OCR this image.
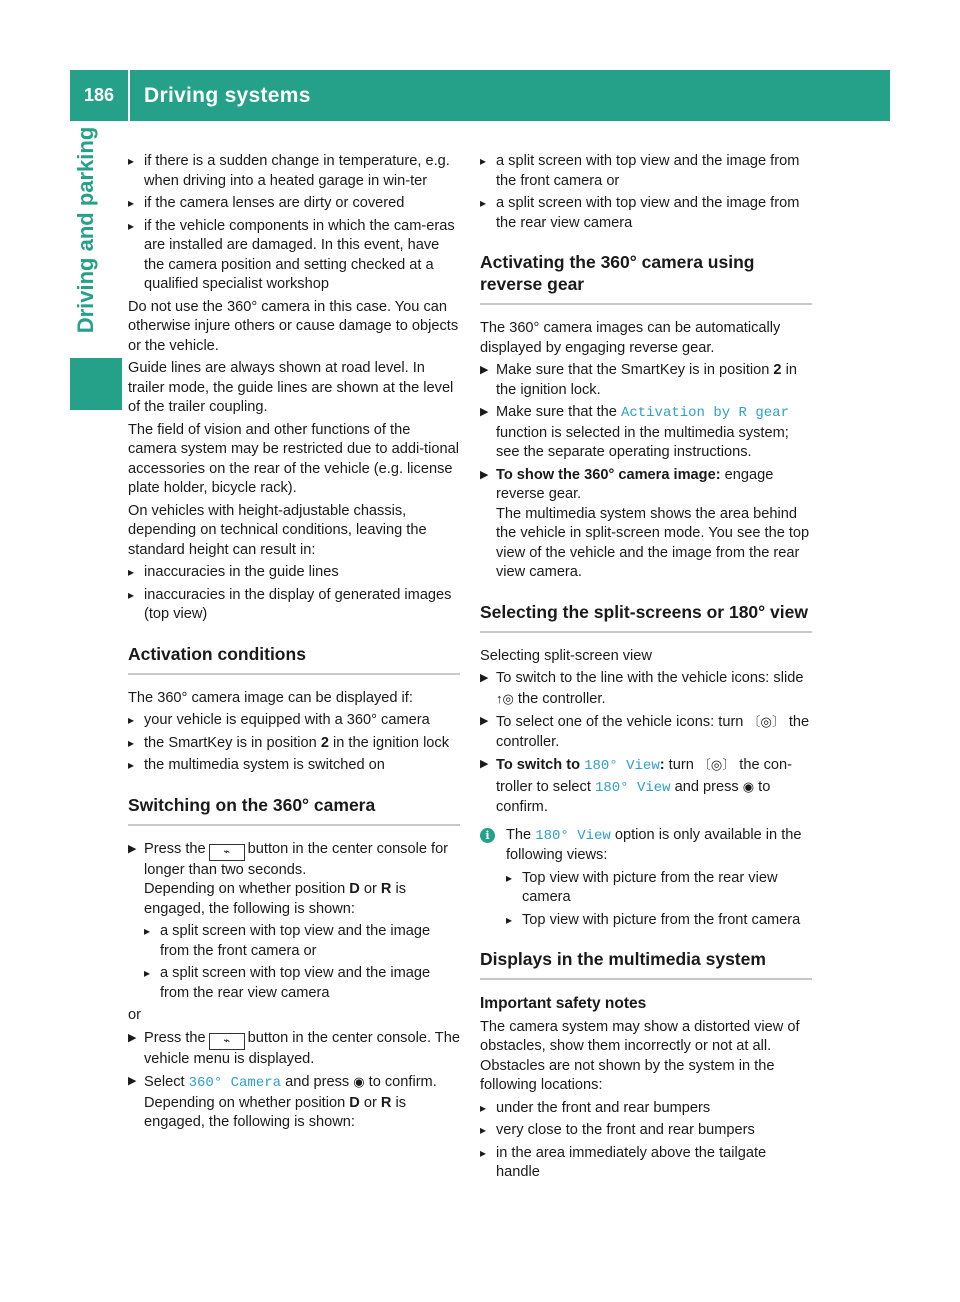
186	Driving systems
Driving and parking
▸	if there is a sudden change in temperature, e.g. when driving into a heated garage in win-ter
▸ if the camera lenses are dirty or covered
▸ if the vehicle components in which the cam-eras are installed are damaged. In this event, have the camera position and setting checked at a qualified specialist workshop

Do not use the 360° camera in this case. You can otherwise injure others or cause damage to objects or the vehicle.

Guide lines are always shown at road level. In trailer mode, the guide lines are shown at the level of the trailer coupling.

The field of vision and other functions of the camera system may be restricted due to addi-tional accessories on the rear of the vehicle (e.g. license plate holder, bicycle rack).

On vehicles with height-adjustable chassis, depending on technical conditions, leaving the standard height can result in:

▸ inaccuracies in the guide lines
▸ inaccuracies in the display of generated images (top view)
Activation conditions

The 360° camera image can be displayed if:

▸ your vehicle is equipped with a 360° camera
▸ the SmartKey is in position 2 in the ignition lock
▸ the multimedia system is switched on
Switching on the 360° camera
▶ Press the ⌁ button in the center console for longer than two seconds.
Depending on whether position D or R is engaged, the following is shown:
▸ a split screen with top view and the image from the front camera or
▸ a split screen with top view and the image from the rear view camera

or

▶ Press the ⌁ button in the center console. The vehicle menu is displayed.
▶ Select 360° Camera and press ◉ to confirm.
Depending on whether position D or R is engaged, the following is shown:
▸ a split screen with top view and the image from the front camera or
▸ a split screen with top view and the image from the rear view camera
Activating the 360° camera using reverse gear

The 360° camera images can be automatically displayed by engaging reverse gear.

▶ Make sure that the SmartKey is in position 2 in the ignition lock.
▶ Make sure that the Activation by R gear function is selected in the multimedia system; see the separate operating instructions.
▶ To show the 360° camera image: engage reverse gear.
The multimedia system shows the area behind the vehicle in split-screen mode. You see the top view of the vehicle and the image from the rear view camera.
Selecting the split-screens or 180° view

Selecting split-screen view

▶ To switch to the line with the vehicle icons: slide ↑◎ the controller.
▶ To select one of the vehicle icons: turn 〔◎〕 the controller.
▶ To switch to 180° View: turn 〔◎〕 the con-troller to select 180° View and press ◉ to confirm.
i	The 180° View option is only available in the following views:
▸ Top view with picture from the rear view camera
▸ Top view with picture from the front camera
Displays in the multimedia system
Important safety notes

The camera system may show a distorted view of obstacles, show them incorrectly or not at all. Obstacles are not shown by the system in the following locations:

▸ under the front and rear bumpers
▸ very close to the front and rear bumpers
▸ in the area immediately above the tailgate handle
